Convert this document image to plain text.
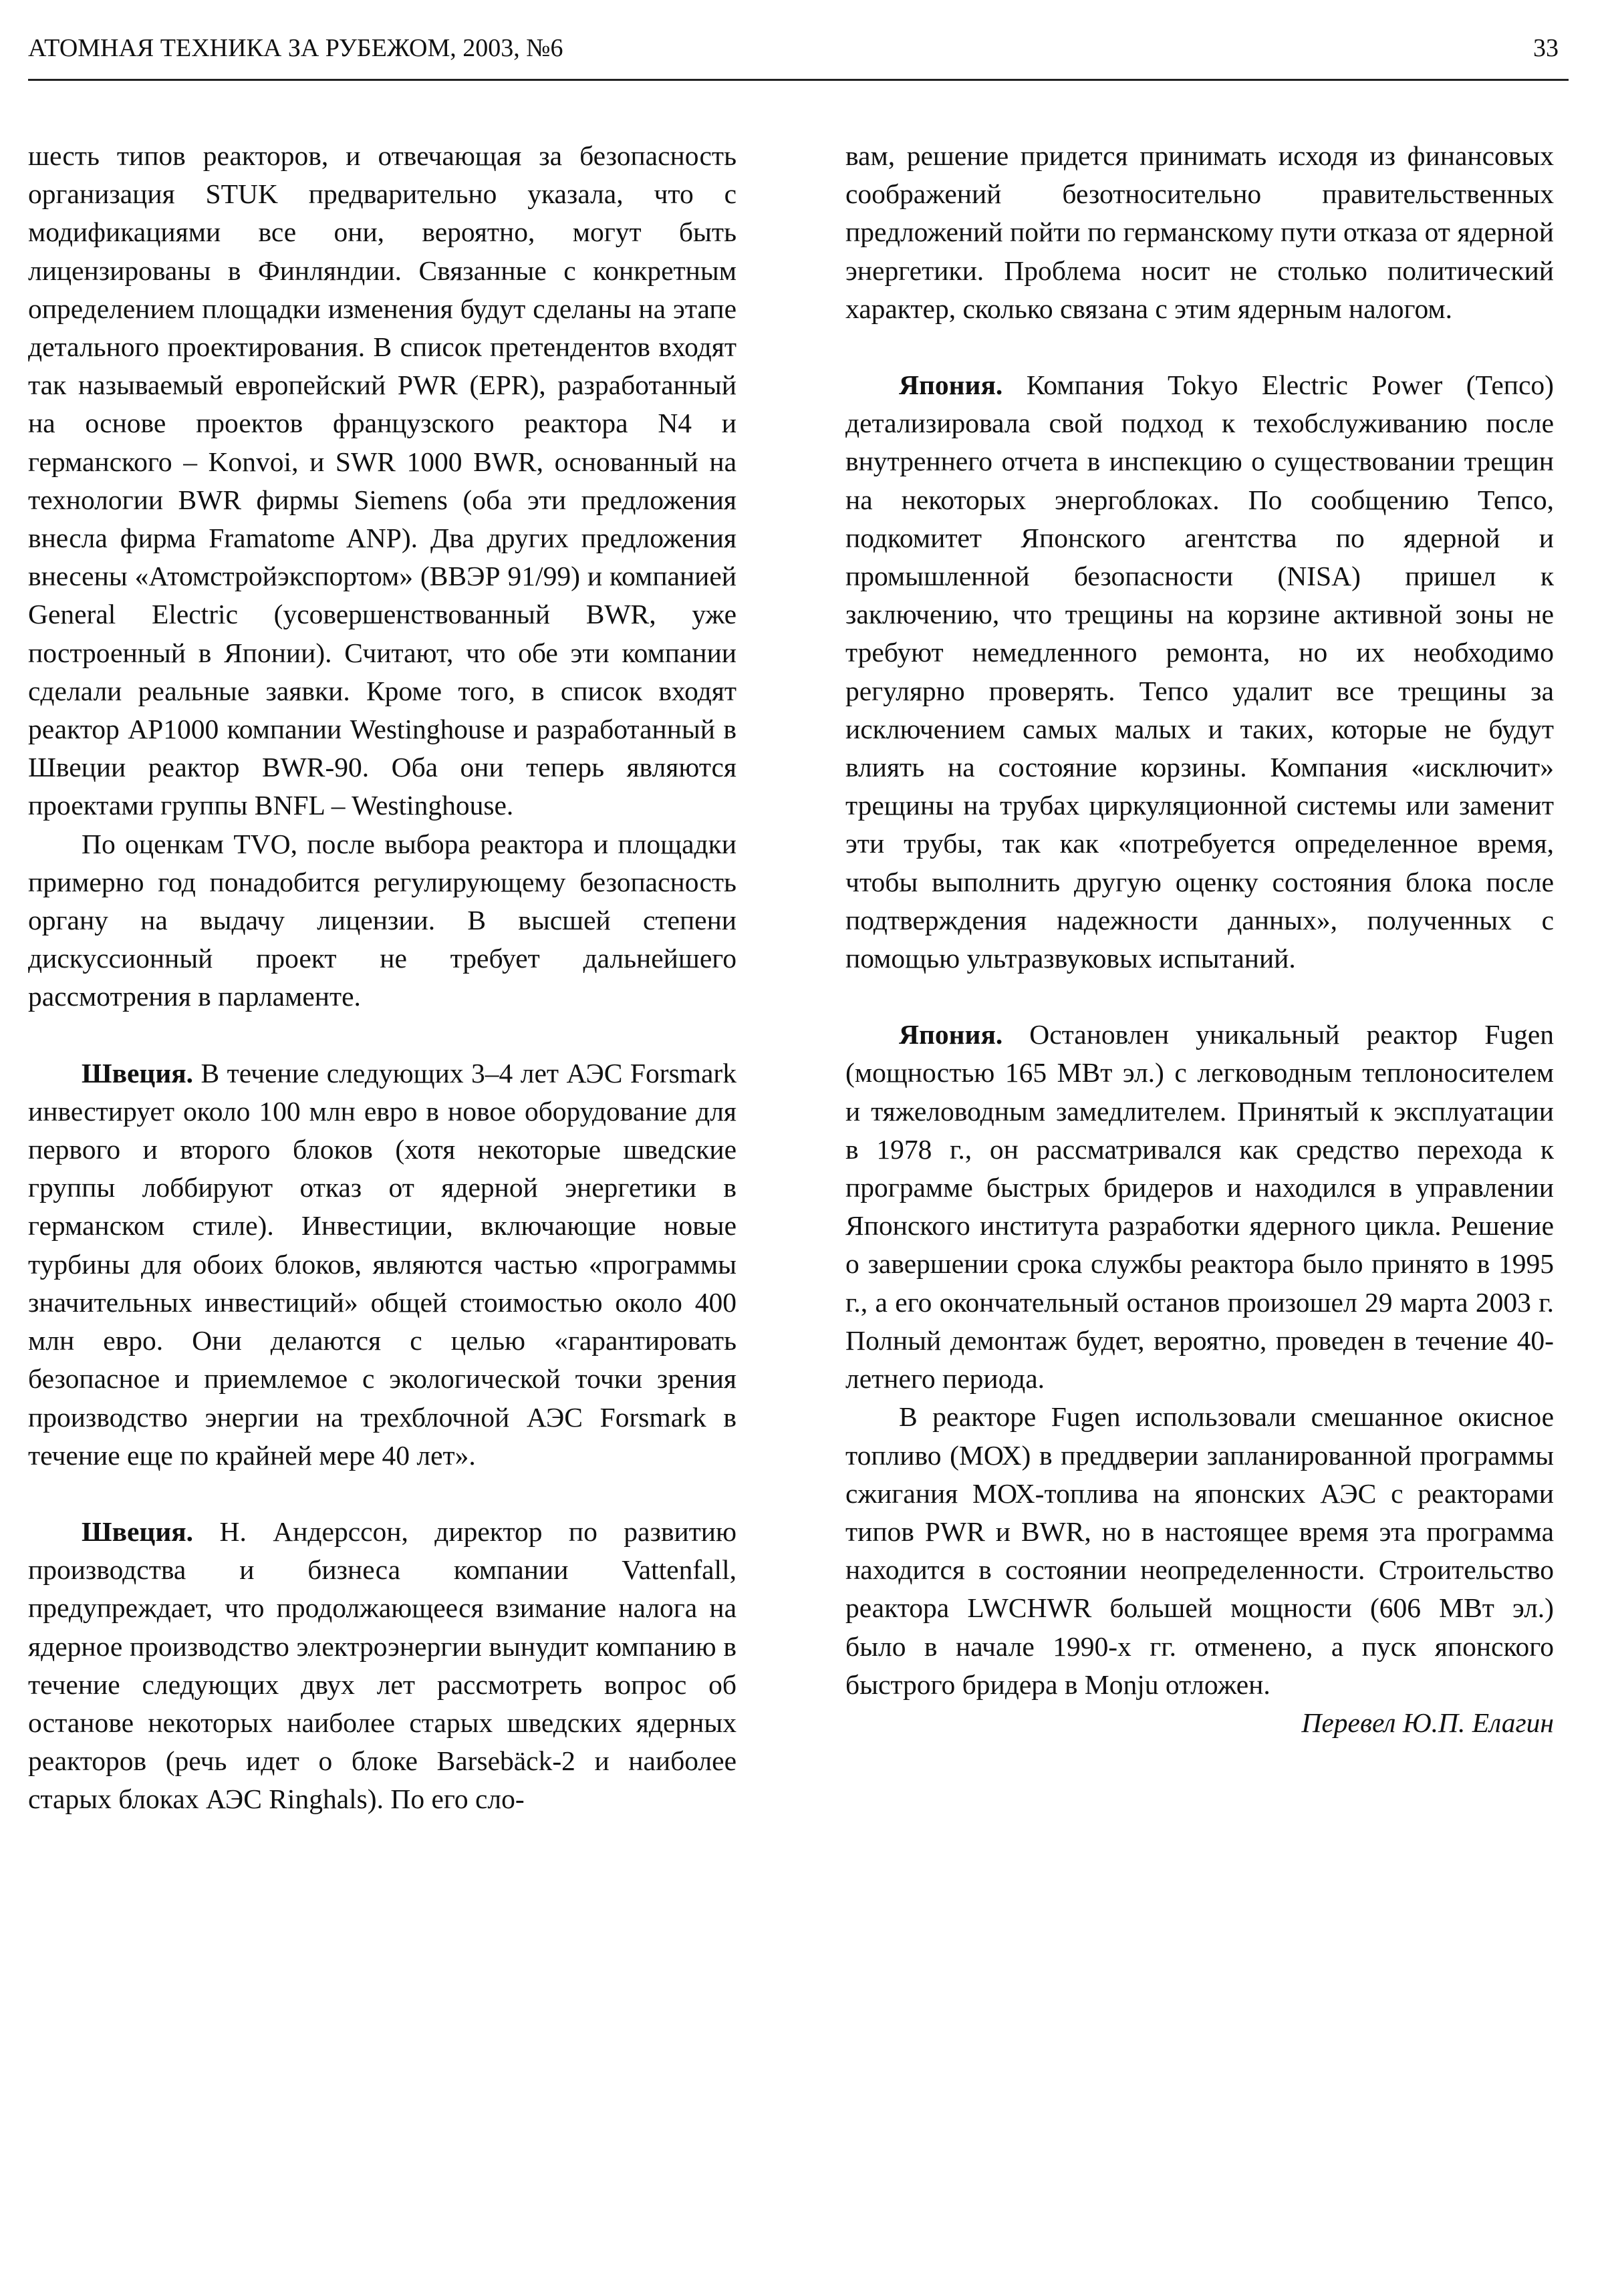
АТОМНАЯ ТЕХНИКА ЗА РУБЕЖОМ, 2003, №6	33

шесть типов реакторов, и отвечающая за безопасность организация STUK предварительно указала, что с модификациями все они, вероятно, могут быть лицензированы в Финляндии. Связанные с конкретным определением площадки изменения будут сделаны на этапе детального проектирования. В список претендентов входят так называемый европейский PWR (EPR), разработанный на основе проектов французского реактора N4 и германского – Konvoi, и SWR 1000 BWR, основанный на технологии BWR фирмы Siemens (оба эти предложения внесла фирма Framatome ANP). Два других предложения внесены «Атомстройэкспортом» (ВВЭР 91/99) и компанией General Electric (усовершенствованный BWR, уже построенный в Японии). Считают, что обе эти компании сделали реальные заявки. Кроме того, в список входят реактор AP1000 компании Westinghouse и разработанный в Швеции реактор BWR-90. Оба они теперь являются проектами группы BNFL – Westinghouse.

По оценкам TVO, после выбора реактора и площадки примерно год понадобится регулирующему безопасность органу на выдачу лицензии. В высшей степени дискуссионный проект не требует дальнейшего рассмотрения в парламенте.

Швеция. В течение следующих 3–4 лет АЭС Forsmark инвестирует около 100 млн евро в новое оборудование для первого и второго блоков (хотя некоторые шведские группы лоббируют отказ от ядерной энергетики в германском стиле). Инвестиции, включающие новые турбины для обоих блоков, являются частью «программы значительных инвестиций» общей стоимостью около 400 млн евро. Они делаются с целью «гарантировать безопасное и приемлемое с экологической точки зрения производство энергии на трехблочной АЭС Forsmark в течение еще по крайней мере 40 лет».

Швеция. Н. Андерссон, директор по развитию производства и бизнеса компании Vattenfall, предупреждает, что продолжающееся взимание налога на ядерное производство электроэнергии вынудит компанию в течение следующих двух лет рассмотреть вопрос об останове некоторых наиболее старых шведских ядерных реакторов (речь идет о блоке Barsebäck-2 и наиболее старых блоках АЭС Ringhals). По его сло-

вам, решение придется принимать исходя из финансовых соображений безотносительно правительственных предложений пойти по германскому пути отказа от ядерной энергетики. Проблема носит не столько политический характер, сколько связана с этим ядерным налогом.

Япония. Компания Tokyo Electric Power (Тепсо) детализировала свой подход к техобслуживанию после внутреннего отчета в инспекцию о существовании трещин на некоторых энергоблоках. По сообщению Тепсо, подкомитет Японского агентства по ядерной и промышленной безопасности (NISA) пришел к заключению, что трещины на корзине активной зоны не требуют немедленного ремонта, но их необходимо регулярно проверять. Тепсо удалит все трещины за исключением самых малых и таких, которые не будут влиять на состояние корзины. Компания «исключит» трещины на трубах циркуляционной системы или заменит эти трубы, так как «потребуется определенное время, чтобы выполнить другую оценку состояния блока после подтверждения надежности данных», полученных с помощью ультразвуковых испытаний.

Япония. Остановлен уникальный реактор Fugen (мощностью 165 МВт эл.) с легководным теплоносителем и тяжеловодным замедлителем. Принятый к эксплуатации в 1978 г., он рассматривался как средство перехода к программе быстрых бридеров и находился в управлении Японского института разработки ядерного цикла. Решение о завершении срока службы реактора было принято в 1995 г., а его окончательный останов произошел 29 марта 2003 г. Полный демонтаж будет, вероятно, проведен в течение 40-летнего периода.

В реакторе Fugen использовали смешанное окисное топливо (МОХ) в преддверии запланированной программы сжигания МОХ-топлива на японских АЭС с реакторами типов PWR и BWR, но в настоящее время эта программа находится в состоянии неопределенности. Строительство реактора LWCHWR большей мощности (606 МВт эл.) было в начале 1990-х гг. отменено, а пуск японского быстрого бридера в Monju отложен.

Перевел Ю.П. Елагин
